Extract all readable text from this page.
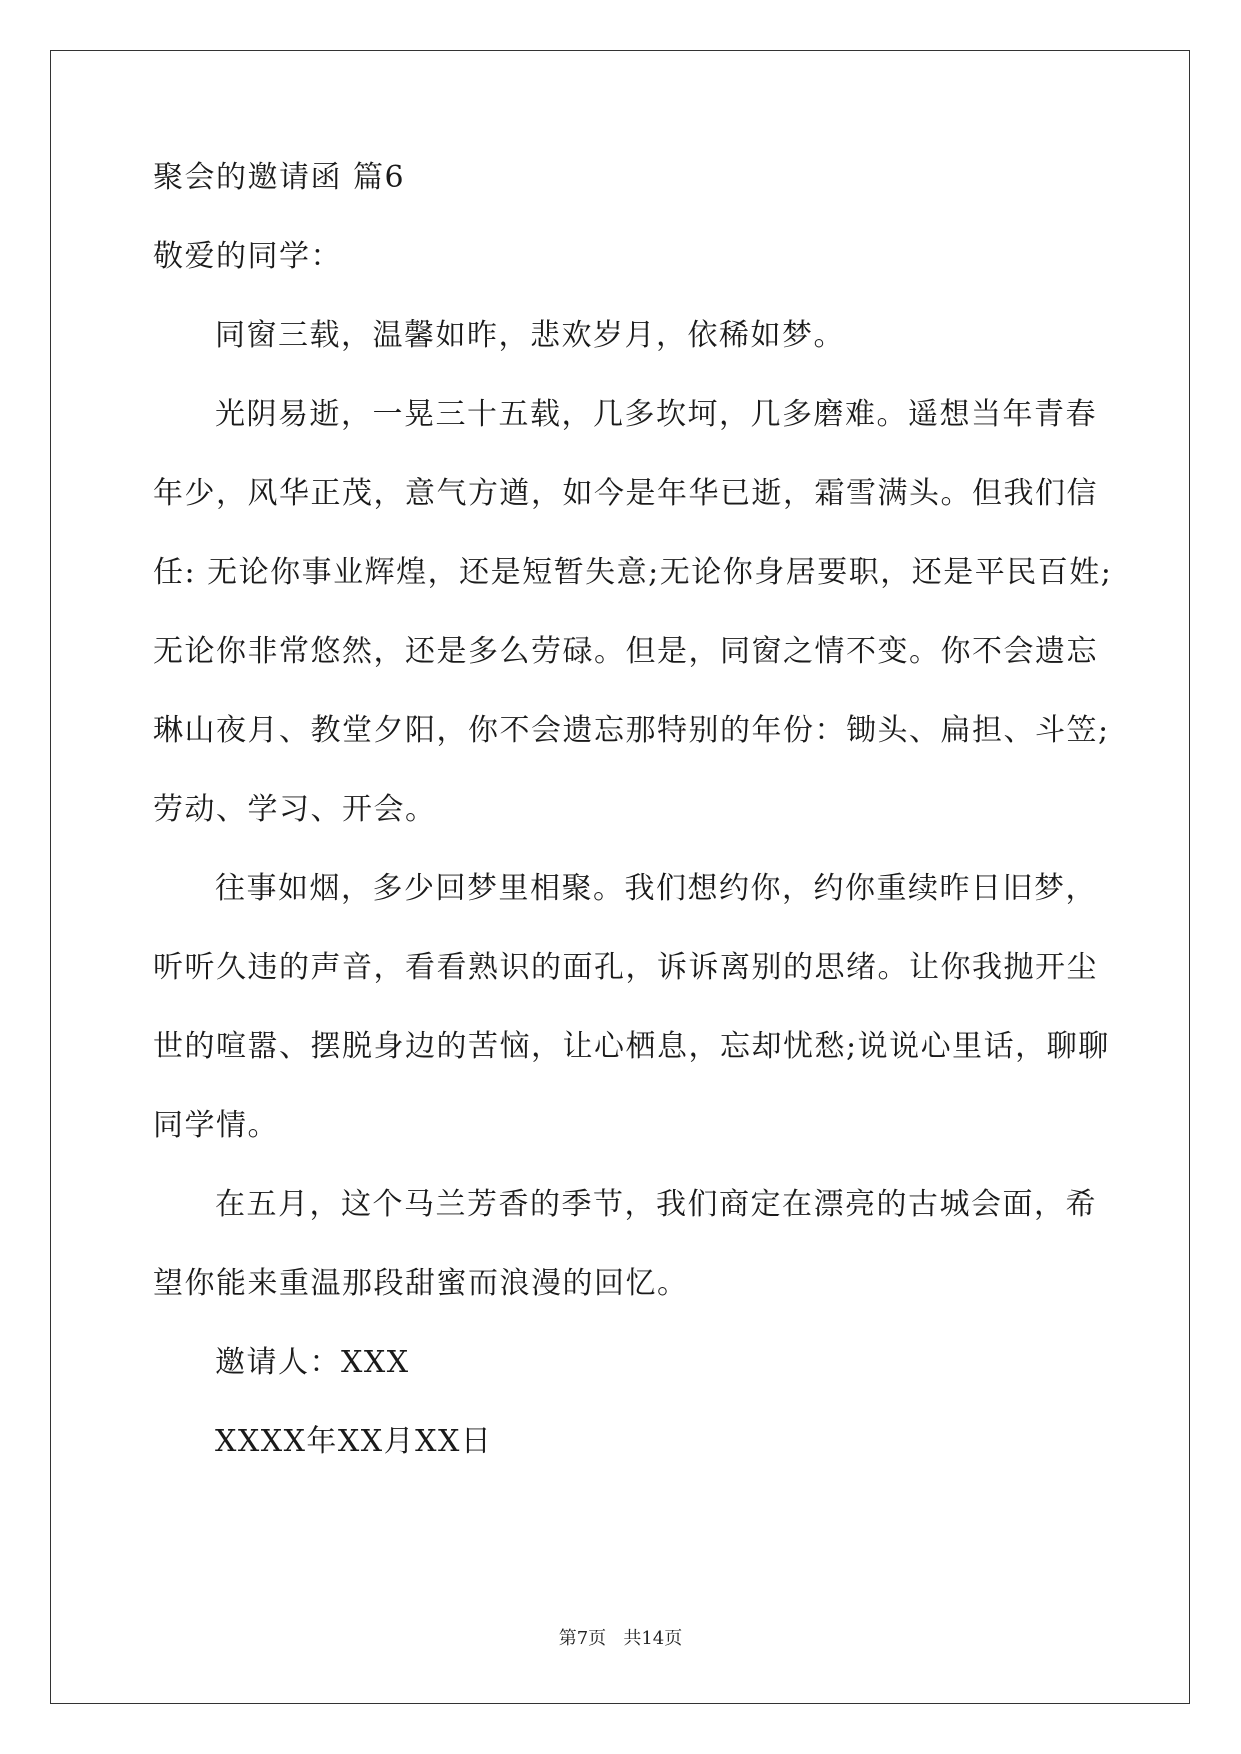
聚会的邀请函 篇6
敬爱的同学：
同窗三载，温馨如昨，悲欢岁月，依稀如梦。
光阴易逝，一晃三十五载，几多坎坷，几多磨难。遥想当年青春
年少，风华正茂，意气方遒，如今是年华已逝，霜雪满头。但我们信
任: 无论你事业辉煌，还是短暂失意;无论你身居要职，还是平民百姓;
无论你非常悠然，还是多么劳碌。但是，同窗之情不变。你不会遗忘
琳山夜月、教堂夕阳，你不会遗忘那特别的年份：锄头、扁担、斗笠;
劳动、学习、开会。
往事如烟，多少回梦里相聚。我们想约你，约你重续昨日旧梦，
听听久违的声音，看看熟识的面孔，诉诉离别的思绪。让你我抛开尘
世的喧嚣、摆脱身边的苦恼，让心栖息，忘却忧愁;说说心里话，聊聊
同学情。
在五月，这个马兰芳香的季节，我们商定在漂亮的古城会面，希
望你能来重温那段甜蜜而浪漫的回忆。
邀请人：XXX
XXXX年XX月XX日
第7页   共14页
